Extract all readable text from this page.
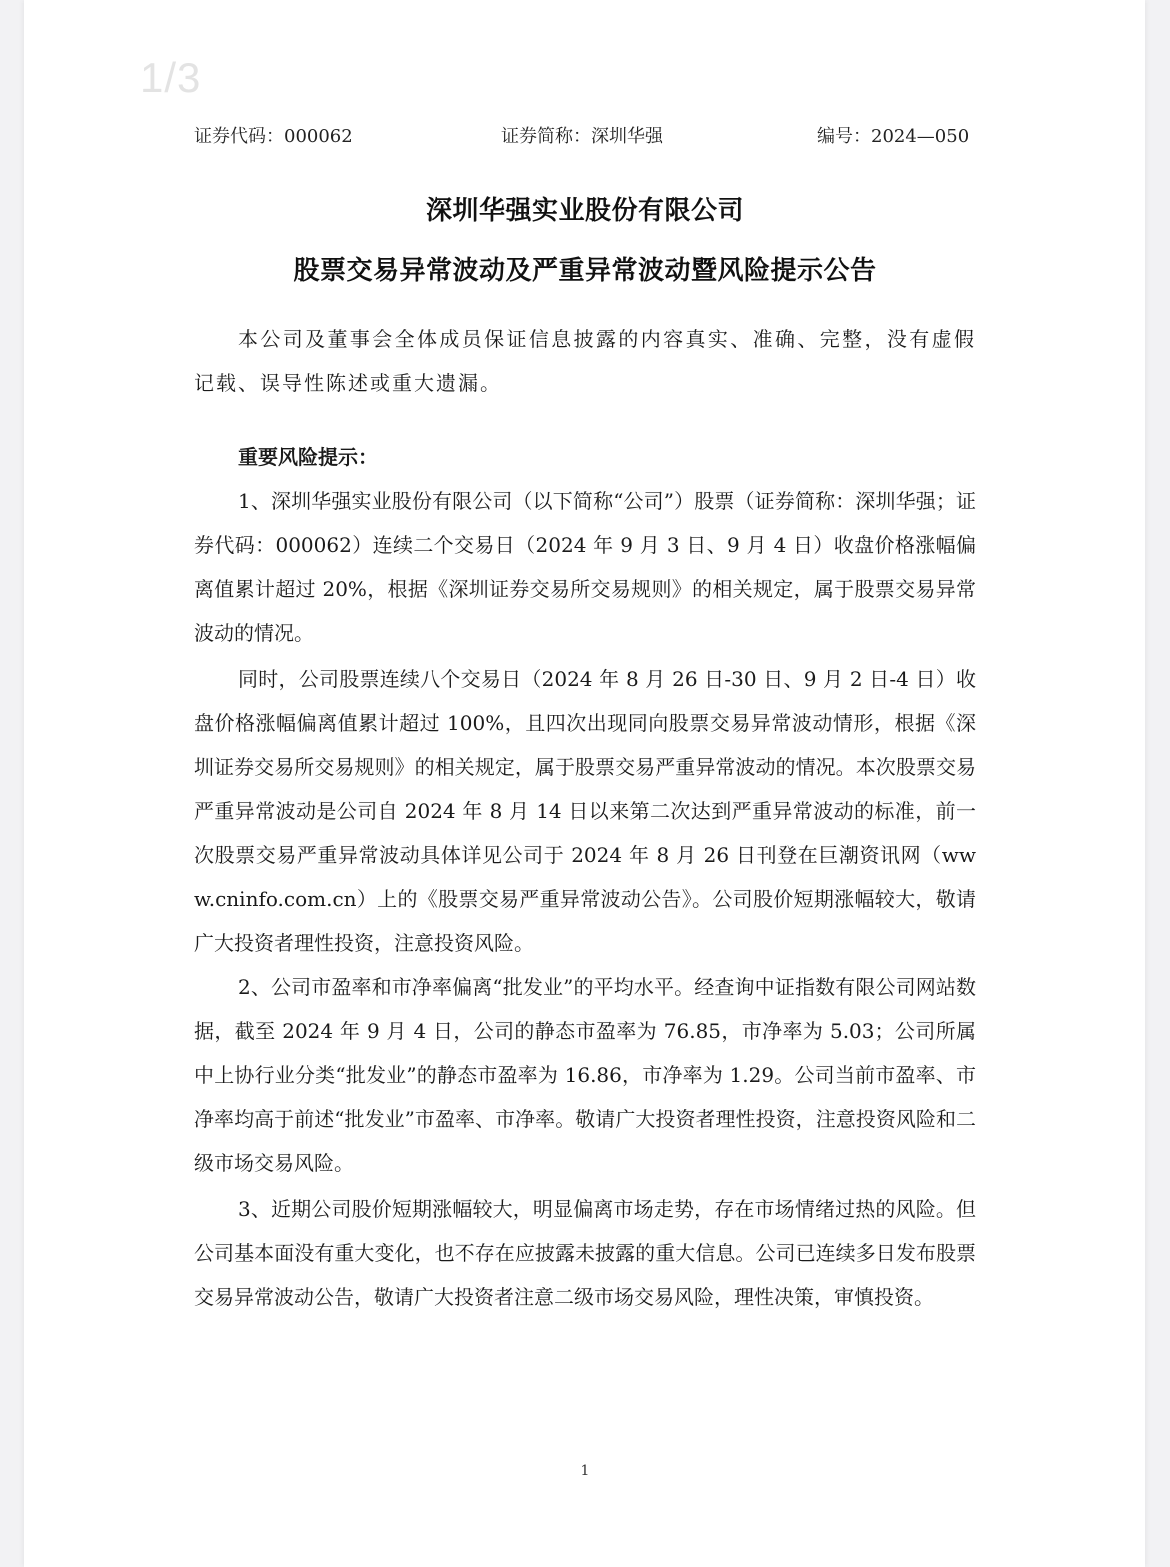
1/3
证券代码：000062	证券简称：深圳华强	编号：2024—050
深圳华强实业股份有限公司
股票交易异常波动及严重异常波动暨风险提示公告
本公司及董事会全体成员保证信息披露的内容真实、准确、完整，没有虚假记载、误导性陈述或重大遗漏。
重要风险提示：
1、深圳华强实业股份有限公司（以下简称“公司”）股票（证券简称：深圳华强；证券代码：000062）连续二个交易日（2024 年 9 月 3 日、9 月 4 日）收盘价格涨幅偏离值累计超过 20%，根据《深圳证券交易所交易规则》的相关规定，属于股票交易异常波动的情况。
同时，公司股票连续八个交易日（2024 年 8 月 26 日-30 日、9 月 2 日-4 日）收盘价格涨幅偏离值累计超过 100%，且四次出现同向股票交易异常波动情形，根据《深圳证券交易所交易规则》的相关规定，属于股票交易严重异常波动的情况。本次股票交易严重异常波动是公司自 2024 年 8 月 14 日以来第二次达到严重异常波动的标准，前一次股票交易严重异常波动具体详见公司于 2024 年 8 月 26 日刊登在巨潮资讯网（www.cninfo.com.cn）上的《股票交易严重异常波动公告》。公司股价短期涨幅较大，敬请广大投资者理性投资，注意投资风险。
2、公司市盈率和市净率偏离“批发业”的平均水平。经查询中证指数有限公司网站数据，截至 2024 年 9 月 4 日，公司的静态市盈率为 76.85，市净率为 5.03；公司所属中上协行业分类“批发业”的静态市盈率为 16.86，市净率为 1.29。公司当前市盈率、市净率均高于前述“批发业”市盈率、市净率。敬请广大投资者理性投资，注意投资风险和二级市场交易风险。
3、近期公司股价短期涨幅较大，明显偏离市场走势，存在市场情绪过热的风险。但公司基本面没有重大变化，也不存在应披露未披露的重大信息。公司已连续多日发布股票交易异常波动公告，敬请广大投资者注意二级市场交易风险，理性决策，审慎投资。
1
